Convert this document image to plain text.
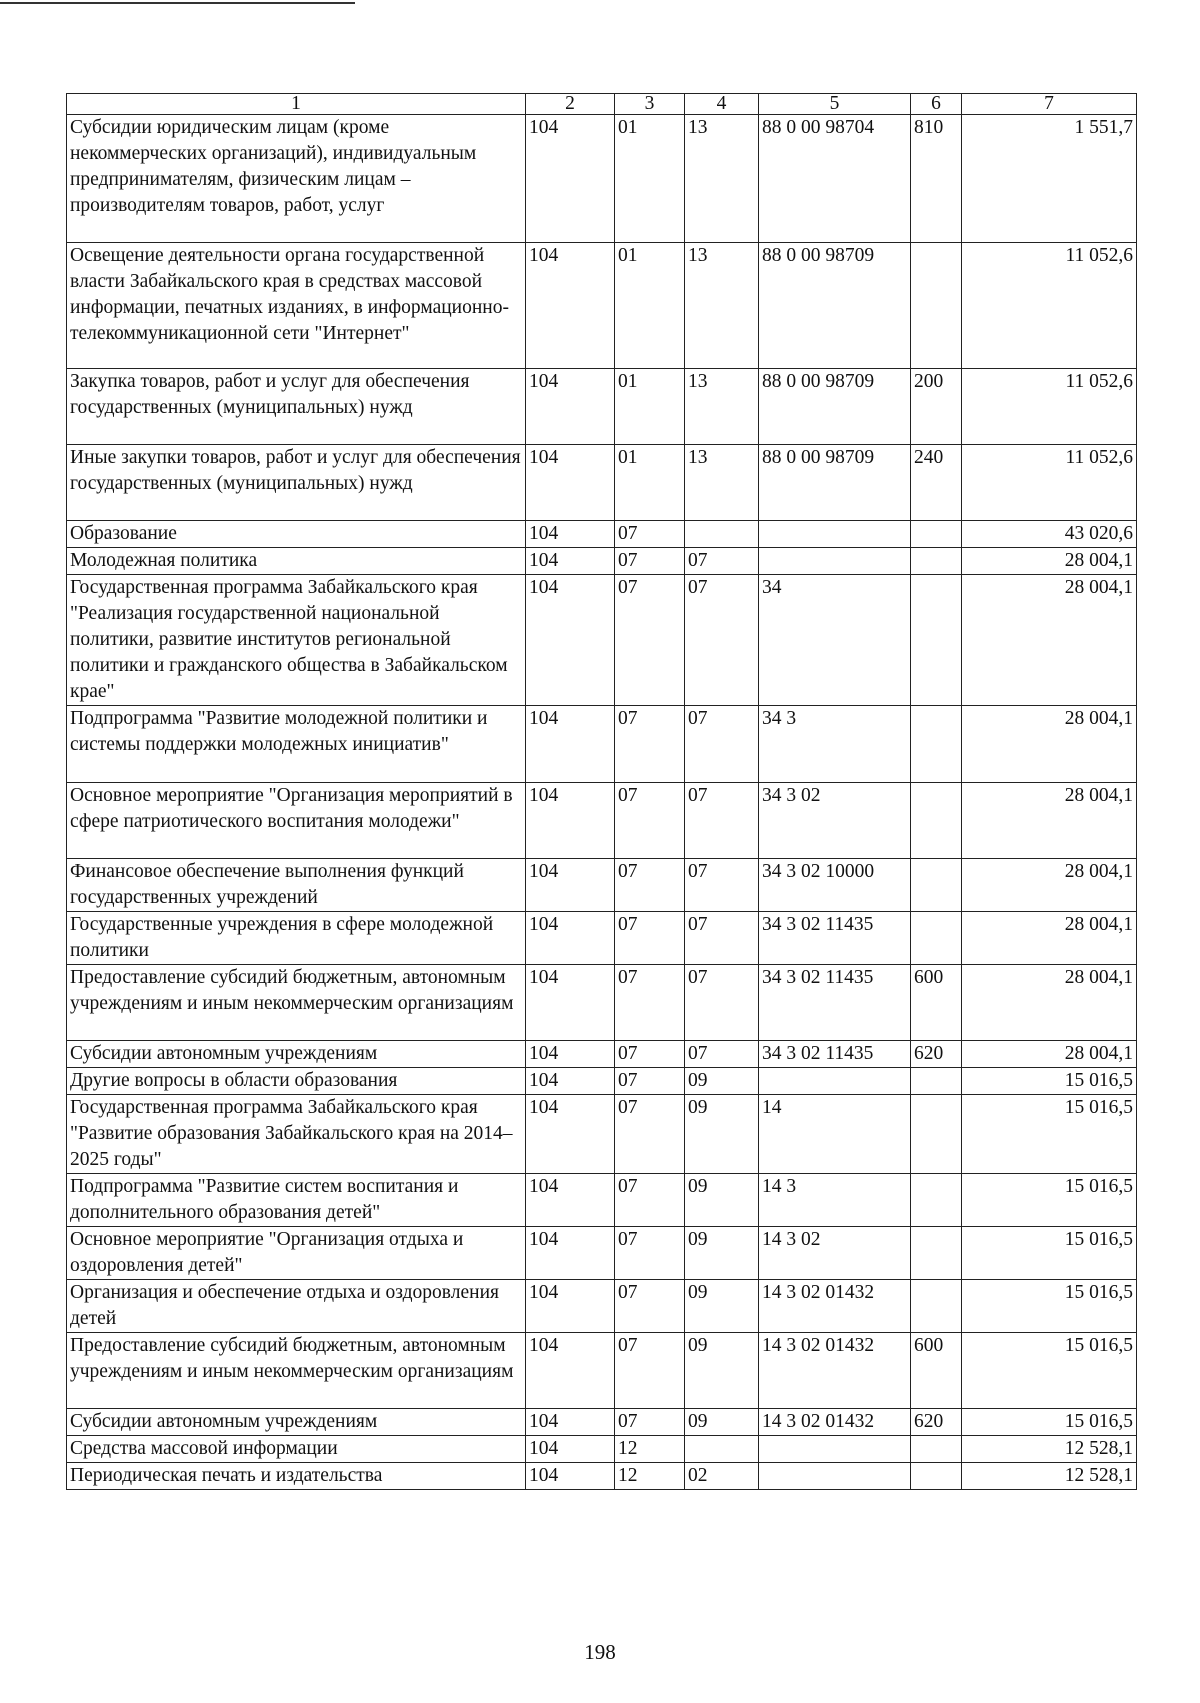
1	2	3	4	5	6	7
Субсидии юридическим лицам (кроме некоммерческих организаций), индивидуальным предпринимателям, физическим лицам – производителям товаров, работ, услуг	104	01	13	88 0 00 98704	810	1 551,7
Освещение деятельности органа государственной власти Забайкальского края в средствах массовой информации, печатных изданиях, в информационно-телекоммуникационной сети "Интернет"	104	01	13	88 0 00 98709		11 052,6
Закупка товаров, работ и услуг для обеспечения государственных (муниципальных) нужд	104	01	13	88 0 00 98709	200	11 052,6
Иные закупки товаров, работ и услуг для обеспечения государственных (муниципальных) нужд	104	01	13	88 0 00 98709	240	11 052,6
Образование	104	07				43 020,6
Молодежная политика	104	07	07			28 004,1
Государственная программа Забайкальского края "Реализация государственной национальной политики, развитие институтов региональной политики и гражданского общества в Забайкальском крае"	104	07	07	34		28 004,1
Подпрограмма "Развитие молодежной политики и системы поддержки молодежных инициатив"	104	07	07	34 3		28 004,1
Основное мероприятие "Организация мероприятий в сфере патриотического воспитания молодежи"	104	07	07	34 3 02		28 004,1
Финансовое обеспечение выполнения функций государственных учреждений	104	07	07	34 3 02 10000		28 004,1
Государственные учреждения в сфере молодежной политики	104	07	07	34 3 02 11435		28 004,1
Предоставление субсидий бюджетным, автономным учреждениям и иным некоммерческим организациям	104	07	07	34 3 02 11435	600	28 004,1
Субсидии автономным учреждениям	104	07	07	34 3 02 11435	620	28 004,1
Другие вопросы в области образования	104	07	09			15 016,5
Государственная программа Забайкальского края "Развитие образования Забайкальского края на 2014–2025 годы"	104	07	09	14		15 016,5
Подпрограмма "Развитие систем воспитания и дополнительного образования детей"	104	07	09	14 3		15 016,5
Основное мероприятие "Организация отдыха и оздоровления детей"	104	07	09	14 3 02		15 016,5
Организация и обеспечение отдыха и оздоровления детей	104	07	09	14 3 02 01432		15 016,5
Предоставление субсидий бюджетным, автономным учреждениям и иным некоммерческим организациям	104	07	09	14 3 02 01432	600	15 016,5
Субсидии автономным учреждениям	104	07	09	14 3 02 01432	620	15 016,5
Средства массовой информации	104	12				12 528,1
Периодическая печать и издательства	104	12	02			12 528,1
198
